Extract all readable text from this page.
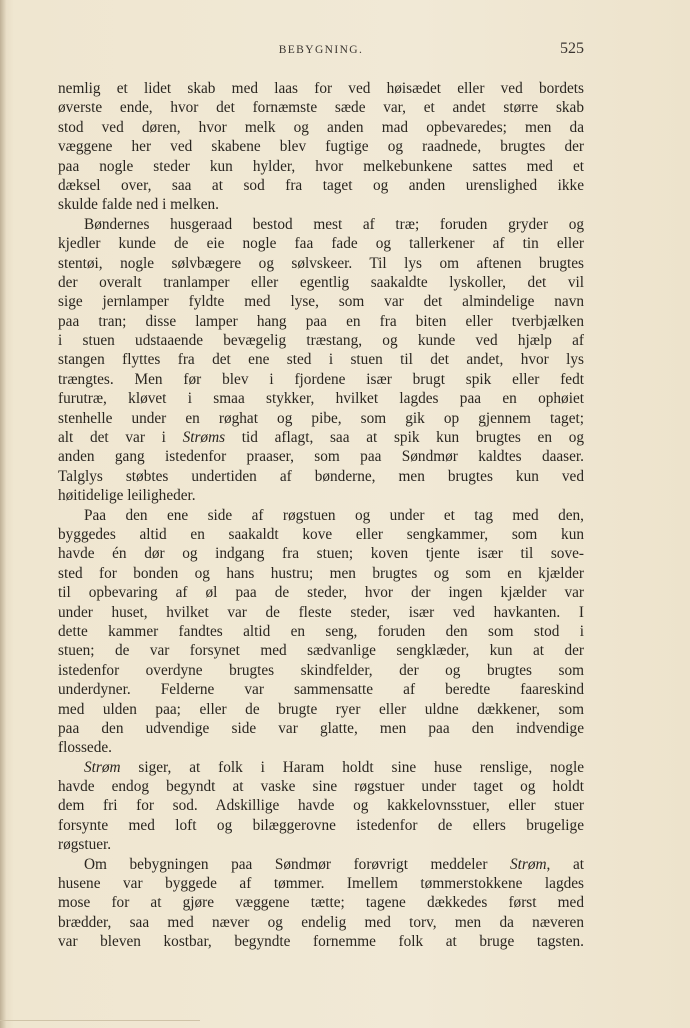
BEBYGNING.	525
nemlig et lidet skab med laas for ved høisædet eller ved bordets
øverste ende, hvor det fornæmste sæde var, et andet større skab
stod ved døren, hvor melk og anden mad opbevaredes; men da
væggene her ved skabene blev fugtige og raadnede, brugtes der
paa nogle steder kun hylder, hvor melkebunkene sattes med et
dæksel over, saa at sod fra taget og anden urenslighed ikke
skulde falde ned i melken.
Bøndernes husgeraad bestod mest af træ; foruden gryder og
kjedler kunde de eie nogle faa fade og tallerkener af tin eller
stentøi, nogle sølvbægere og sølvskeer. Til lys om aftenen brugtes
der overalt tranlamper eller egentlig saakaldte lyskoller, det vil
sige jernlamper fyldte med lyse, som var det almindelige navn
paa tran; disse lamper hang paa en fra biten eller tverbjælken
i stuen udstaaende bevægelig træstang, og kunde ved hjælp af
stangen flyttes fra det ene sted i stuen til det andet, hvor lys
trængtes. Men før blev i fjordene især brugt spik eller fedt
furutræ, kløvet i smaa stykker, hvilket lagdes paa en ophøiet
stenhelle under en røghat og pibe, som gik op gjennem taget;
alt det var i Strøms tid aflagt, saa at spik kun brugtes en og
anden gang istedenfor praaser, som paa Søndmør kaldtes daaser.
Talglys støbtes undertiden af bønderne, men brugtes kun ved
høitidelige leiligheder.
Paa den ene side af røgstuen og under et tag med den,
byggedes altid en saakaldt kove eller sengkammer, som kun
havde én dør og indgang fra stuen; koven tjente især til sove-
sted for bonden og hans hustru; men brugtes og som en kjælder
til opbevaring af øl paa de steder, hvor der ingen kjælder var
under huset, hvilket var de fleste steder, især ved havkanten. I
dette kammer fandtes altid en seng, foruden den som stod i
stuen; de var forsynet med sædvanlige sengklæder, kun at der
istedenfor overdyne brugtes skindfelder, der og brugtes som
underdyner. Felderne var sammensatte af beredte faareskind
med ulden paa; eller de brugte ryer eller uldne dækkener, som
paa den udvendige side var glatte, men paa den indvendige
flossede.
Strøm siger, at folk i Haram holdt sine huse renslige, nogle
havde endog begyndt at vaske sine røgstuer under taget og holdt
dem fri for sod. Adskillige havde og kakkelovnsstuer, eller stuer
forsynte med loft og bilæggerovne istedenfor de ellers brugelige
røgstuer.
Om bebygningen paa Søndmør forøvrigt meddeler Strøm, at
husene var byggede af tømmer. Imellem tømmerstokkene lagdes
mose for at gjøre væggene tætte; tagene dækkedes først med
brædder, saa med næver og endelig med torv, men da næveren
var bleven kostbar, begyndte fornemme folk at bruge tagsten.
